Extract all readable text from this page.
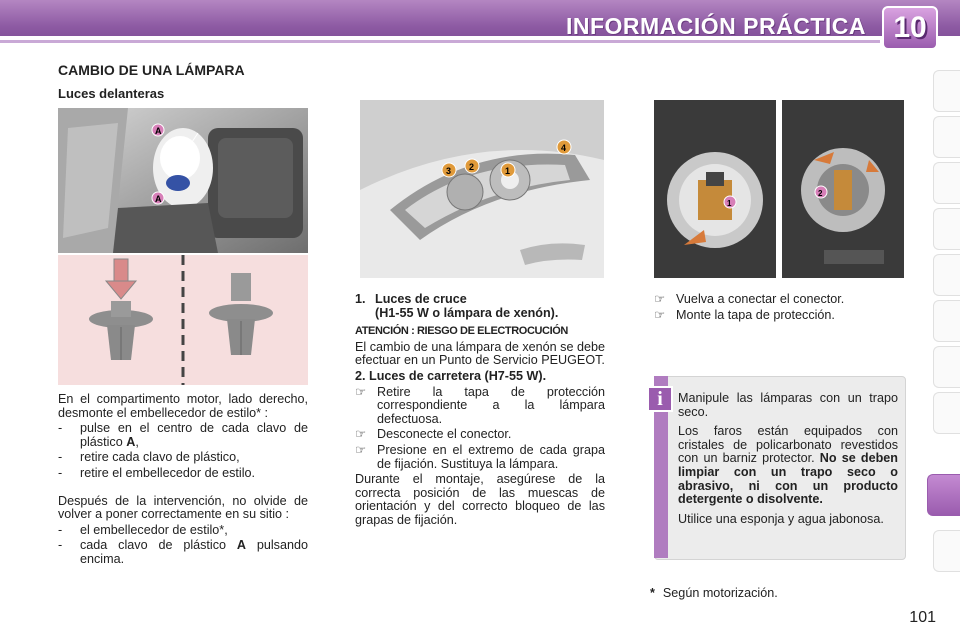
INFORMACIÓN PRÁCTICA 10
CAMBIO DE UNA LÁMPARA
Luces delanteras
A
A
3 2	1
4
1
2

En el compartimento motor, lado derecho, desmonte el embellecedor de estilo* :

-	pulse en el centro de cada clavo de plástico A,
-	retire cada clavo de plástico,
-	retire el embellecedor de estilo.

Después de la intervención, no olvide de volver a poner correctamente en su sitio :

-	el embellecedor de estilo*,
-	cada clavo de plástico A pulsando encima.
1. Luces de cruce
(H1-55 W o lámpara de xenón).

ATENCIÓN : RIESGO DE ELECTROCUCIÓN

El cambio de una lámpara de xenón se debe efectuar en un Punto de Servicio PEUGEOT.

2. Luces de carretera (H7-55 W).

☞ Retire la tapa de protección correspondiente a la lámpara defectuosa.
☞ Desconecte el conector.
☞ Presione en el extremo de cada grapa de fijación. Sustituya la lámpara.

Durante el montaje, asegúrese de la correcta posición de las muescas de orientación y del correcto bloqueo de las grapas de fijación.

☞ Vuelva a conectar el conector.
☞ Monte la tapa de protección.
i	Manipule las lámparas con un trapo seco.

Los faros están equipados con cristales de policarbonato revestidos con un barniz protector. No se deben limpiar con un trapo seco o abrasivo, ni con un producto detergente o disolvente.

Utilice una esponja y agua jabonosa.

* Según motorización.
101
